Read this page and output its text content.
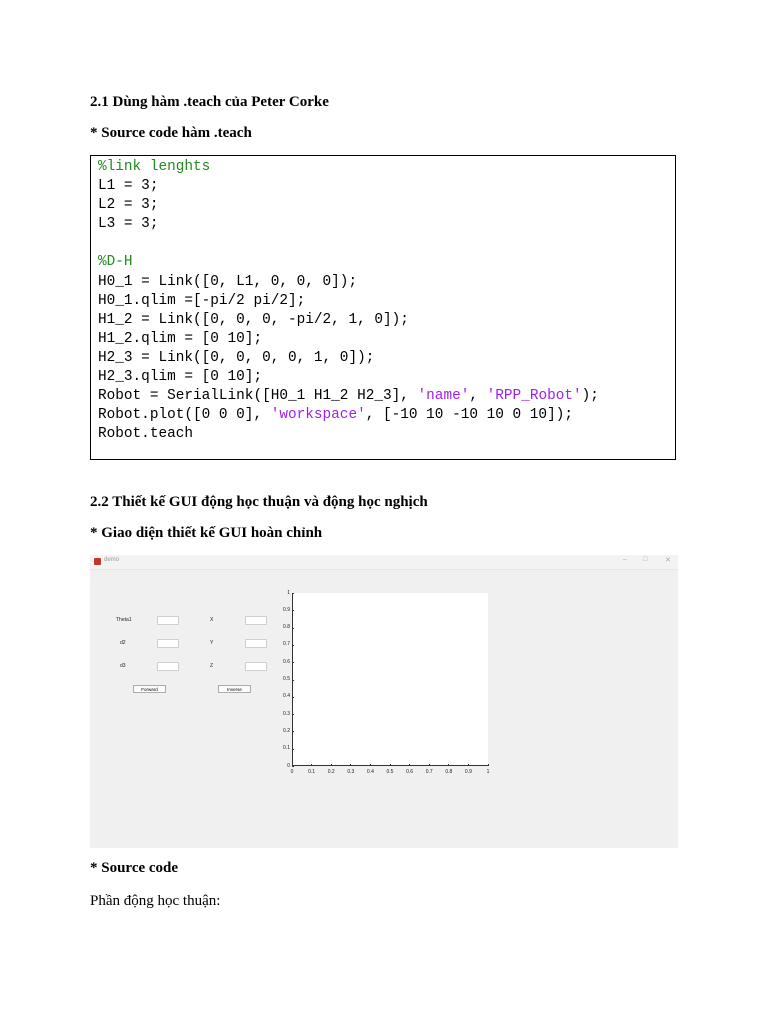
2.1 Dùng hàm .teach của Peter Corke
* Source code hàm .teach
%link lenghts
L1 = 3;
L2 = 3;
L3 = 3;
%D-H
H0_1 = Link([0, L1, 0, 0, 0]);
H0_1.qlim =[-pi/2 pi/2];
H1_2 = Link([0, 0, 0, -pi/2, 1, 0]);
H1_2.qlim = [0 10];
H2_3 = Link([0, 0, 0, 0, 1, 0]);
H2_3.qlim = [0 10];
Robot = SerialLink([H0_1 H1_2 H2_3], 'name', 'RPP_Robot');
Robot.plot([0 0 0], 'workspace', [-10 10 -10 10 0 10]);
Robot.teach
2.2 Thiết kế GUI động học thuận và động học nghịch
* Giao diện thiết kế GUI hoàn chỉnh
demo	– □	✕
Theta1
d2
d3
X
Y
Z
Forward	Inverse
0
0
0.1
0.1
0.2
0.2
0.3
0.3
0.4
0.4
0.5
0.5
0.6
0.6
0.7
0.7
0.8
0.8
0.9
0.9
1
1
* Source code

Phần động học thuận:
